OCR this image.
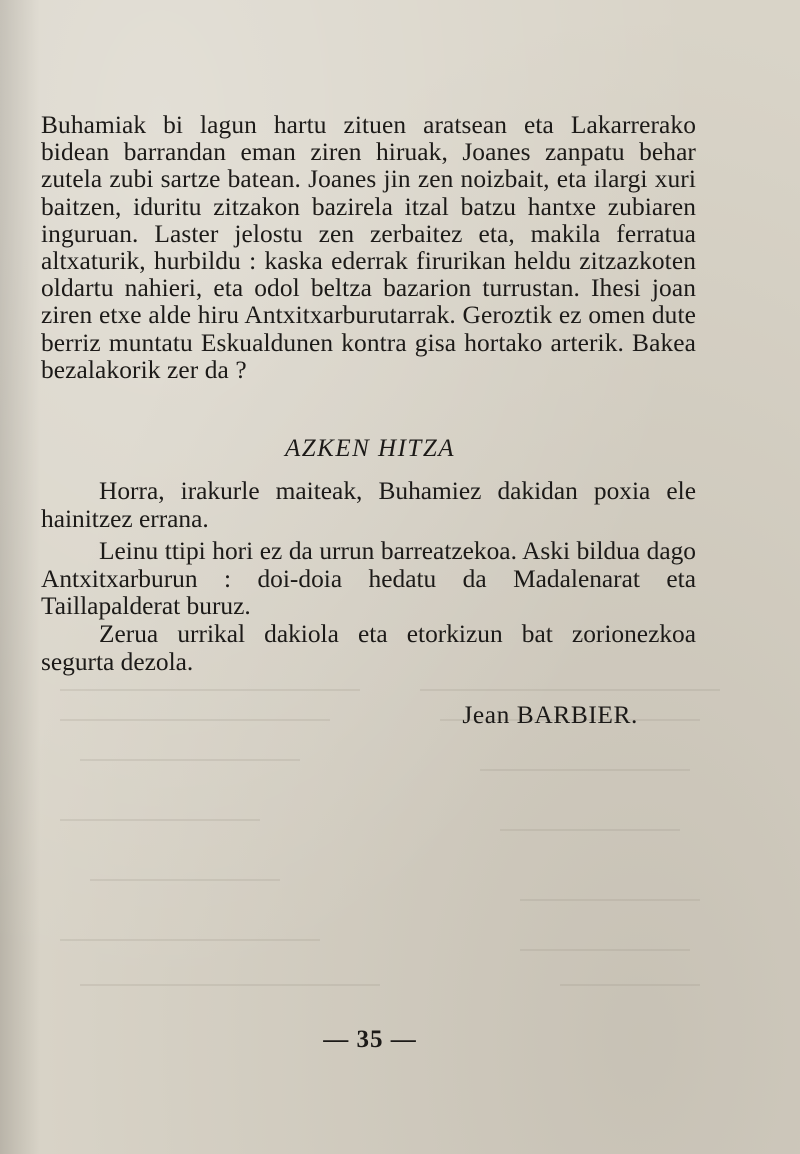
Buhamiak bi lagun hartu zituen aratsean eta Lakarrerako bidean barrandan eman ziren hiruak, Joanes zanpatu behar zutela zubi sartze batean. Joanes jin zen noizbait, eta ilargi xuri baitzen, iduritu zitzakon bazirela itzal batzu hantxe zubiaren inguruan. Laster jelostu zen zerbaitez eta, makila ferratua altxaturik, hurbildu : kaska ederrak firurikan heldu zitzazkoten oldartu nahieri, eta odol beltza bazarion turrustan. Ihesi joan ziren etxe alde hiru Antxitxarburutarrak. Geroztik ez omen dute berriz muntatu Eskualdunen kontra gisa hortako arterik. Bakea bezalakorik zer da ?
AZKEN HITZA
Horra, irakurle maiteak, Buhamiez dakidan poxia ele hainitzez errana.
Leinu ttipi hori ez da urrun barreatzekoa. Aski bildua dago Antxitxarburun : doi-doia hedatu da Madalenarat eta Taillapalderat buruz.
Zerua urrikal dakiola eta etorkizun bat zorionezkoa segurta dezola.
Jean BARBIER.
— 35 —
